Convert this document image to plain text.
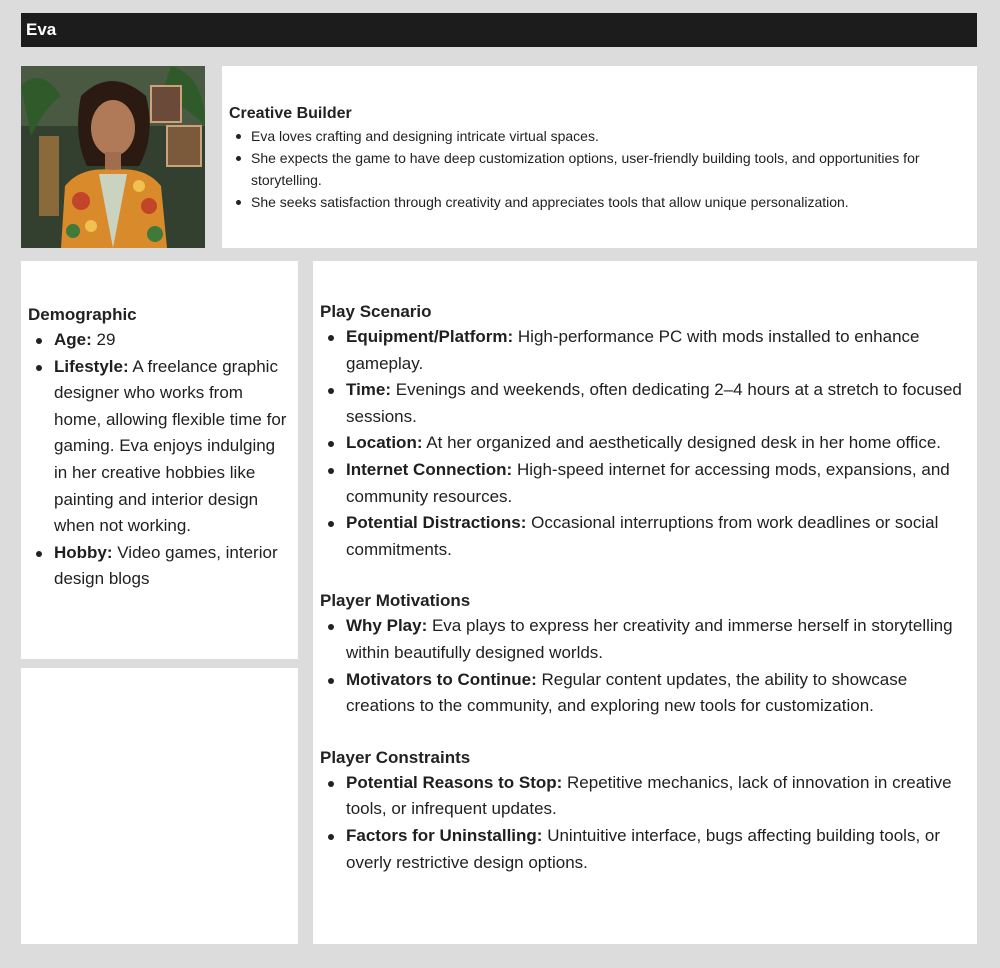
Eva
Creative Builder
Eva loves crafting and designing intricate virtual spaces.
She expects the game to have deep customization options, user-friendly building tools, and opportunities for storytelling.
She seeks satisfaction through creativity and appreciates tools that allow unique personalization.
Demographic
Age: 29
Lifestyle: A freelance graphic designer who works from home, allowing flexible time for gaming. Eva enjoys indulging in her creative hobbies like painting and interior design when not working.
Hobby: Video games, interior design blogs
Play Scenario
Equipment/Platform: High-performance PC with mods installed to enhance gameplay.
Time: Evenings and weekends, often dedicating 2–4 hours at a stretch to focused sessions.
Location: At her organized and aesthetically designed desk in her home office.
Internet Connection: High-speed internet for accessing mods, expansions, and community resources.
Potential Distractions: Occasional interruptions from work deadlines or social commitments.
Player Motivations
Why Play: Eva plays to express her creativity and immerse herself in storytelling within beautifully designed worlds.
Motivators to Continue: Regular content updates, the ability to showcase creations to the community, and exploring new tools for customization.
Player Constraints
Potential Reasons to Stop: Repetitive mechanics, lack of innovation in creative tools, or infrequent updates.
Factors for Uninstalling: Unintuitive interface, bugs affecting building tools, or overly restrictive design options.
